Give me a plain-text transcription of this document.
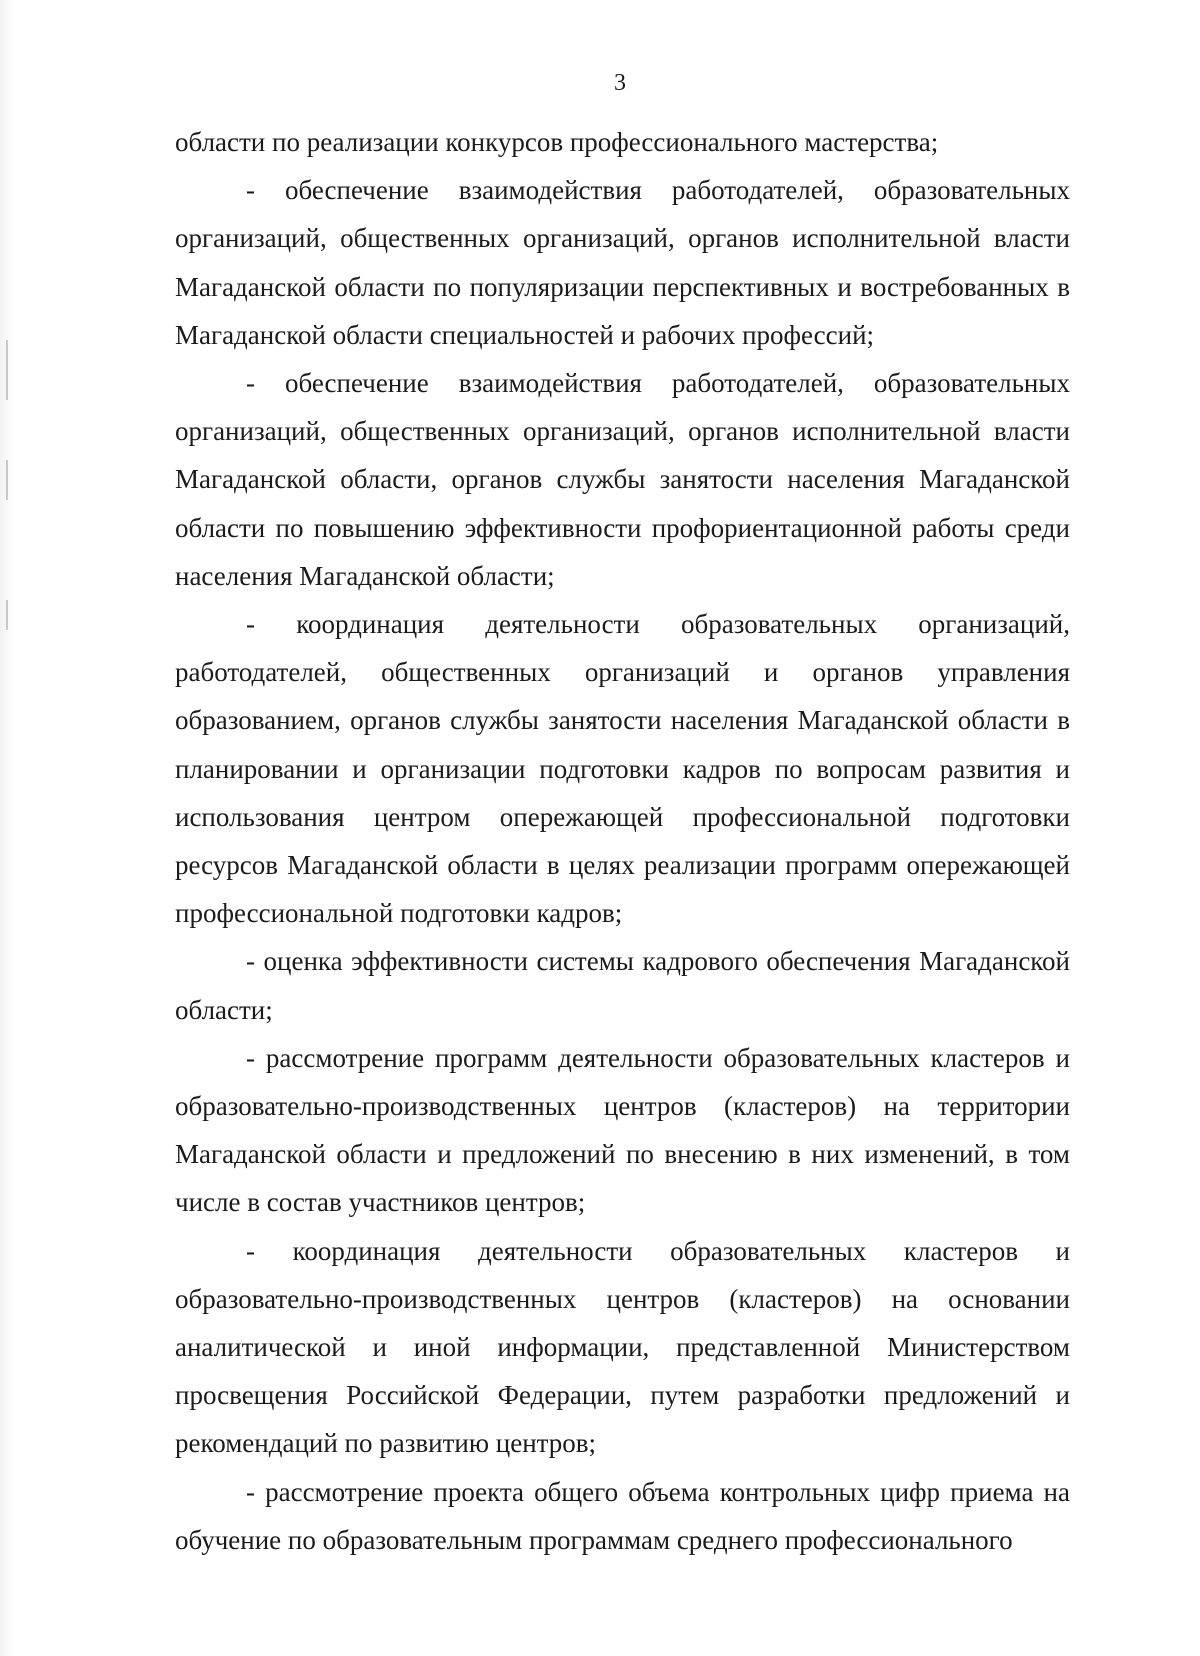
3

области по реализации конкурсов профессионального мастерства;

- обеспечение взаимодействия работодателей, образовательных организаций, общественных организаций, органов исполнительной власти Магаданской области по популяризации перспективных и востребованных в Магаданской области специальностей и рабочих профессий;

- обеспечение взаимодействия работодателей, образовательных организаций, общественных организаций, органов исполнительной власти Магаданской области, органов службы занятости населения Магаданской области по повышению эффективности профориентационной работы среди населения Магаданской области;

- координация деятельности образовательных организаций, работодателей, общественных организаций и органов управления образованием, органов службы занятости населения Магаданской области в планировании и организации подготовки кадров по вопросам развития и использования центром опережающей профессиональной подготовки ресурсов Магаданской области в целях реализации программ опережающей профессиональной подготовки кадров;

- оценка эффективности системы кадрового обеспечения Магаданской области;

- рассмотрение программ деятельности образовательных кластеров и образовательно-производственных центров (кластеров) на территории Магаданской области и предложений по внесению в них изменений, в том числе в состав участников центров;

- координация деятельности образовательных кластеров и образовательно-производственных центров (кластеров) на основании аналитической и иной информации, представленной Министерством просвещения Российской Федерации, путем разработки предложений и рекомендаций по развитию центров;

- рассмотрение проекта общего объема контрольных цифр приема на обучение по образовательным программам среднего профессионального
